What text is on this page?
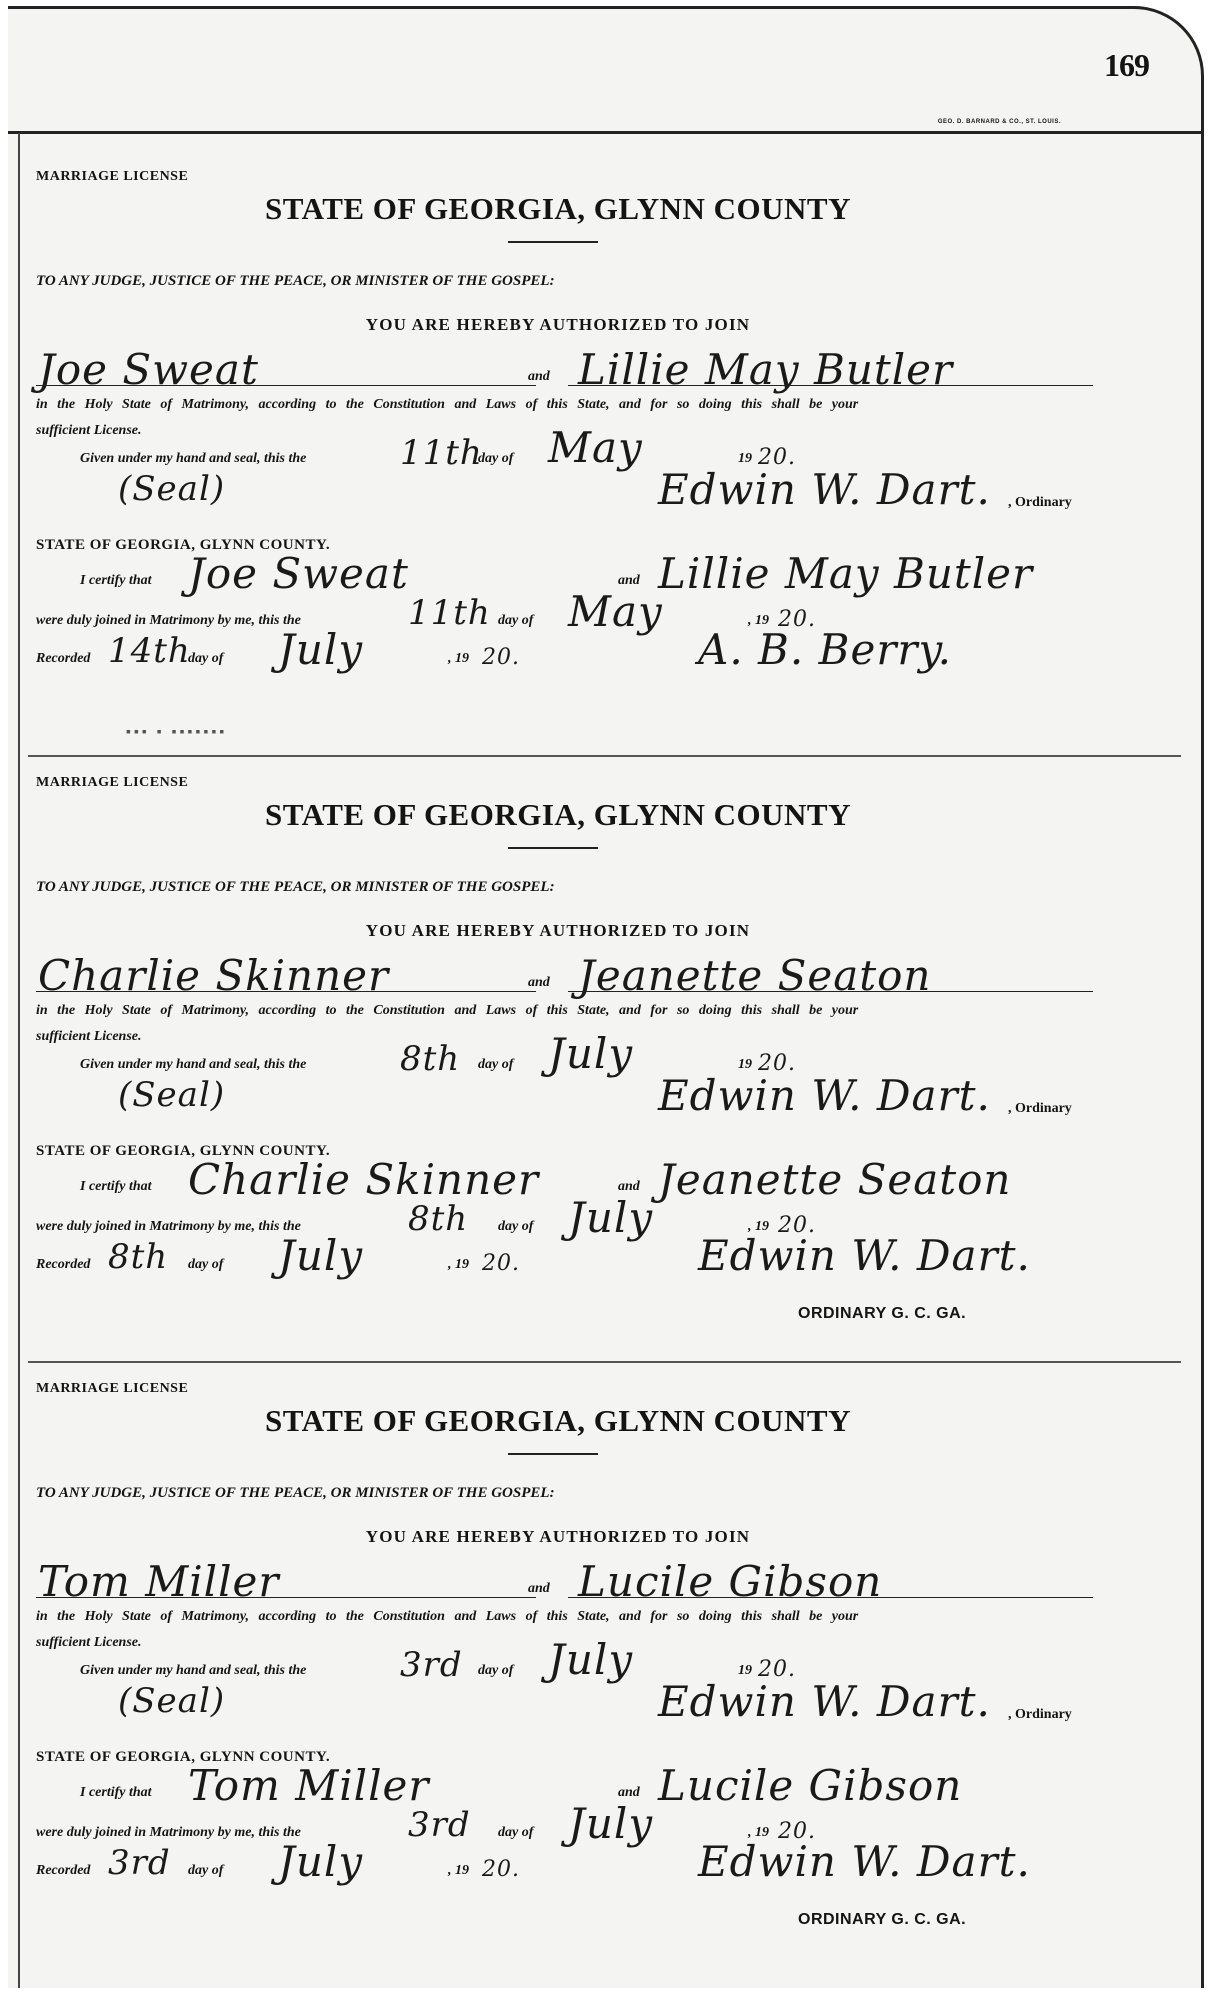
169
GEO. D. BARNARD & CO., ST. LOUIS.
▪▪▪ ▪ ▪▪▪▪▪▪▪
MARRIAGE LICENSE
STATE OF GEORGIA, GLYNN COUNTY
TO ANY JUDGE, JUSTICE OF THE PEACE, OR MINISTER OF THE GOSPEL:
YOU ARE HEREBY AUTHORIZED TO JOIN
Joe Sweat	and Lillie May Butler
in the Holy State of Matrimony, according to the Constitution and Laws of this State, and for so doing this shall be your
sufficient License.
Given under my hand and seal, this the	11th
day of May	19 20.
(Seal)	Edwin W. Dart. , Ordinary
STATE OF GEORGIA, GLYNN COUNTY.
I certify that Joe Sweat	and Lillie May Butler
were duly joined in Matrimony by me, this the	11th day of May	, 19 20.
Recorded 14th
day of July	, 19 20.	A. B. Berry.
MARRIAGE LICENSE
STATE OF GEORGIA, GLYNN COUNTY
TO ANY JUDGE, JUSTICE OF THE PEACE, OR MINISTER OF THE GOSPEL:
YOU ARE HEREBY AUTHORIZED TO JOIN
Charlie Skinner	and Jeanette Seaton
in the Holy State of Matrimony, according to the Constitution and Laws of this State, and for so doing this shall be your
sufficient License.
Given under my hand and seal, this the	8th day of July	19 20.
(Seal)	Edwin W. Dart. , Ordinary
STATE OF GEORGIA, GLYNN COUNTY.
I certify that Charlie Skinner	and Jeanette Seaton
were duly joined in Matrimony by me, this the	8th day of July	, 19 20.
Recorded 8th day of July	, 19 20.	Edwin W. Dart.
ORDINARY G. C. GA.
MARRIAGE LICENSE
STATE OF GEORGIA, GLYNN COUNTY
TO ANY JUDGE, JUSTICE OF THE PEACE, OR MINISTER OF THE GOSPEL:
YOU ARE HEREBY AUTHORIZED TO JOIN
Tom Miller	and Lucile Gibson
in the Holy State of Matrimony, according to the Constitution and Laws of this State, and for so doing this shall be your
sufficient License.
Given under my hand and seal, this the	3rd day of July	19 20.
(Seal)	Edwin W. Dart. , Ordinary
STATE OF GEORGIA, GLYNN COUNTY.
I certify that Tom Miller	and Lucile Gibson
were duly joined in Matrimony by me, this the	3rd day of July	, 19 20.
Recorded 3rd day of July	, 19 20.	Edwin W. Dart.
ORDINARY G. C. GA.
